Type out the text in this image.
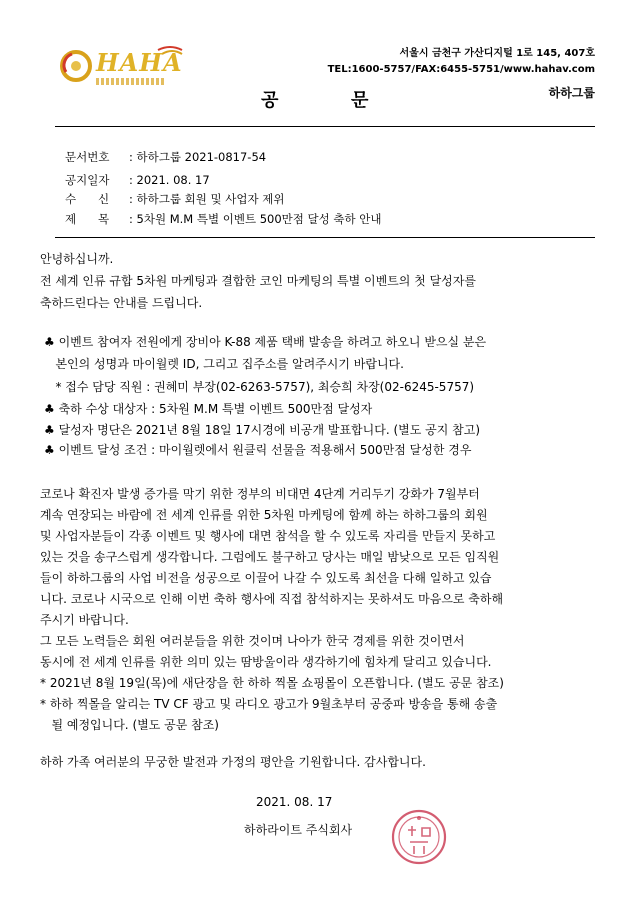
HAHA	서울시 금천구 가산디지털 1로 145, 407호
TEL:1600-5757/FAX:6455-5751/www.hahav.com
하하그룹
공	문
문서번호 : 하하그룹 2021-0817-54
공지일자 : 2021. 08. 17
수      신 : 하하그룹 회원 및 사업자 제위
제      목 : 5차원 M.M 특별 이벤트 500만점 달성 축하 안내
안녕하십니까.
전 세계 인류 규합 5차원 마케팅과 결합한 코인 마케팅의 특별 이벤트의 첫 달성자를
축하드린다는 안내를 드립니다.
♣ 이벤트 참여자 전원에게 장비아 K-88 제품 택배 발송을 하려고 하오니 받으실 분은
본인의 성명과 마이월렛 ID, 그리고 집주소를 알려주시기 바랍니다.
* 접수 담당 직원 : 권혜미 부장(02-6263-5757), 최승희 차장(02-6245-5757)
♣ 축하 수상 대상자 : 5차원 M.M 특별 이벤트 500만점 달성자
♣ 달성자 명단은 2021년 8월 18일 17시경에 비공개 발표합니다. (별도 공지 참고)
♣ 이벤트 달성 조건 : 마이월렛에서 원클릭 선물을 적용해서 500만점 달성한 경우
코로나 확진자 발생 증가를 막기 위한 정부의 비대면 4단계 거리두기 강화가 7월부터
계속 연장되는 바람에 전 세계 인류를 위한 5차원 마케팅에 함께 하는 하하그룹의 회원
및 사업자분들이 각종 이벤트 및 행사에 대면 참석을 할 수 있도록 자리를 만들지 못하고
있는 것을 송구스럽게 생각합니다. 그럼에도 불구하고 당사는 매일 밤낮으로 모든 임직원
들이 하하그룹의 사업 비전을 성공으로 이끌어 나갈 수 있도록 최선을 다해 일하고 있습
니다. 코로나 시국으로 인해 이번 축하 행사에 직접 참석하지는 못하셔도 마음으로 축하해
주시기 바랍니다.
그 모든 노력들은 회원 여러분들을 위한 것이며 나아가 한국 경제를 위한 것이면서
동시에 전 세계 인류를 위한 의미 있는 땀방울이라 생각하기에 힘차게 달리고 있습니다.
* 2021년 8월 19일(목)에 새단장을 한 하하 찍몰 쇼핑몰이 오픈합니다. (별도 공문 참조)
* 하하 찍몰을 알리는 TV CF 광고 및 라디오 광고가 9월초부터 공중파 방송을 통해 송출
될 예정입니다. (별도 공문 참조)
하하 가족 여러분의 무궁한 발전과 가정의 평안을 기원합니다. 감사합니다.
2021. 08. 17
하하라이트 주식회사
